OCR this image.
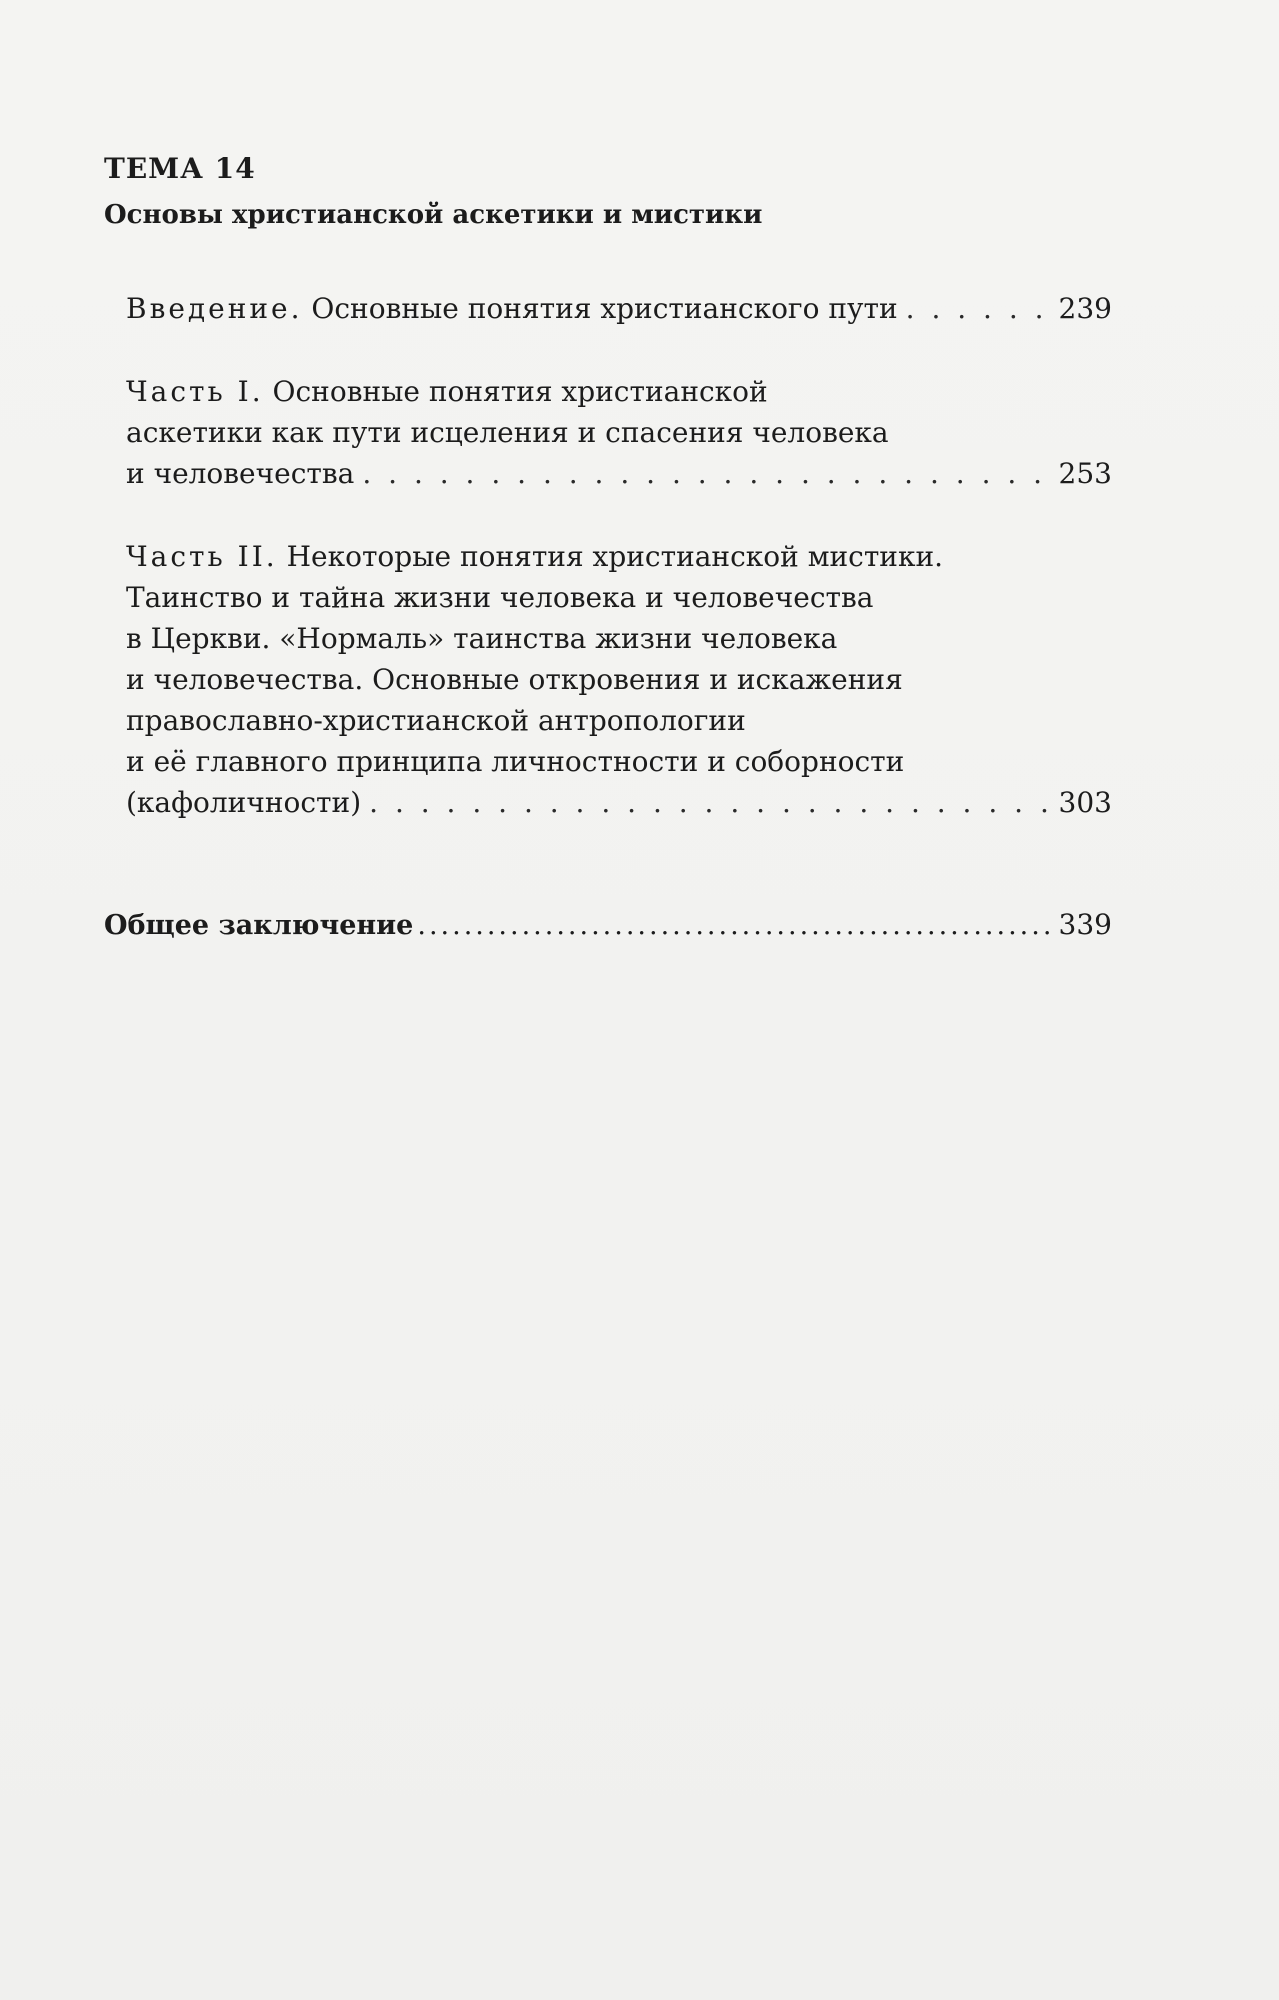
ТЕМА 14
Основы христианской аскетики и мистики
Введение. Основные понятия христианского пути . . .	239
Часть I. Основные понятия христианской
аскетики как пути исцеления и спасения человека
и человечества . . .	253
Часть II. Некоторые понятия христианской мистики.
Таинство и тайна жизни человека и человечества
в Церкви. «Нормаль» таинства жизни человека
и человечества. Основные откровения и искажения
православно-христианской антропологии
и её главного принципа личностности и соборности
(кафоличности) . . .	303
Общее заключение .....	339
